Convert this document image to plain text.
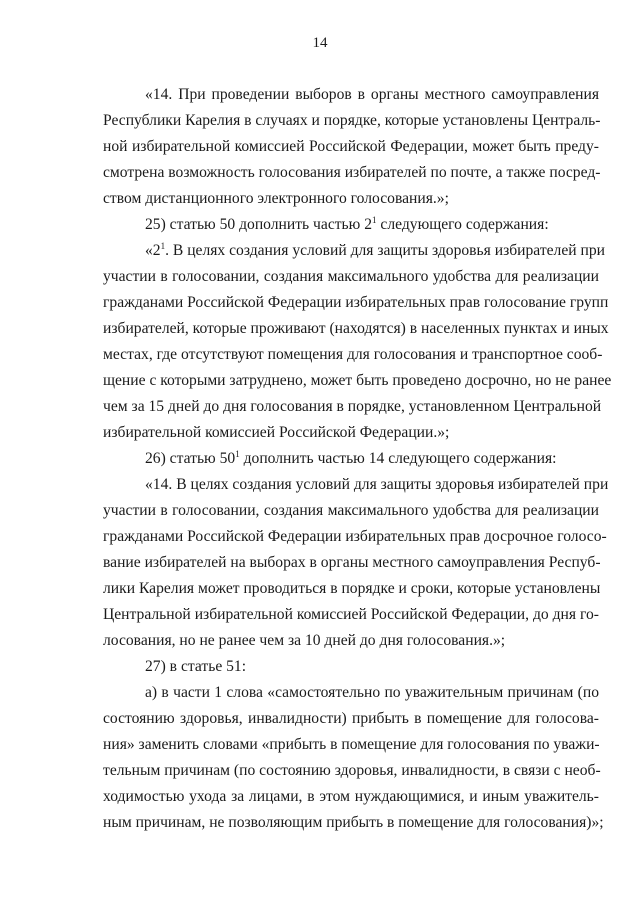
14
«14. При проведении выборов в органы местного самоуправления
Республики Карелия в случаях и порядке, которые установлены Централь-
ной избирательной комиссией Российской Федерации, может быть преду-
смотрена возможность голосования избирателей по почте, а также посред-
ством дистанционного электронного голосования.»;
25) статью 50 дополнить частью $2^1$ следующего содержания:
«$2^1$. В целях создания условий для защиты здоровья избирателей при
участии в голосовании, создания максимального удобства для реализации
гражданами Российской Федерации избирательных прав голосование групп
избирателей, которые проживают (находятся) в населенных пунктах и иных
местах, где отсутствуют помещения для голосования и транспортное сооб-
щение с которыми затруднено, может быть проведено досрочно, но не ранее
чем за 15 дней до дня голосования в порядке, установленном Центральной
избирательной комиссией Российской Федерации.»;
26) статью $50^1$ дополнить частью 14 следующего содержания:
«14. В целях создания условий для защиты здоровья избирателей при
участии в голосовании, создания максимального удобства для реализации
гражданами Российской Федерации избирательных прав досрочное голосо-
вание избирателей на выборах в органы местного самоуправления Респуб-
лики Карелия может проводиться в порядке и сроки, которые установлены
Центральной избирательной комиссией Российской Федерации, до дня го-
лосования, но не ранее чем за 10 дней до дня голосования.»;
27) в статье 51:
а) в части 1 слова «самостоятельно по уважительным причинам (по
состоянию здоровья, инвалидности) прибыть в помещение для голосова-
ния» заменить словами «прибыть в помещение для голосования по уважи-
тельным причинам (по состоянию здоровья, инвалидности, в связи с необ-
ходимостью ухода за лицами, в этом нуждающимися, и иным уважитель-
ным причинам, не позволяющим прибыть в помещение для голосования)»;
